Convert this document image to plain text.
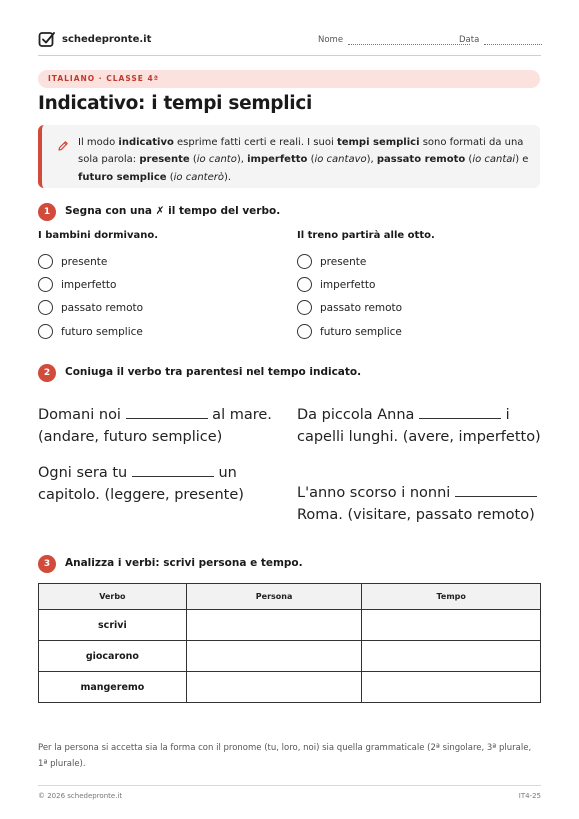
schedepronte.it	Nome	Data
ITALIANO · CLASSE 4ª
Indicativo: i tempi semplici
Il modo indicativo esprime fatti certi e reali. I suoi tempi semplici sono formati da una sola parola: presente (io canto), imperfetto (io cantavo), passato remoto (io cantai) e futuro semplice (io canterò).
1	Segna con una ✗ il tempo del verbo.
I bambini dormivano.
presente
imperfetto
passato remoto
futuro semplice
Il treno partirà alle otto.
presente
imperfetto
passato remoto
futuro semplice
2	Coniuga il verbo tra parentesi nel tempo indicato.
Domani noi	al mare. (andare, futuro semplice)
Da piccola Anna	i capelli lunghi. (avere, imperfetto)
Ogni sera tu	un capitolo. (leggere, presente)	L'anno scorso i nonni  Roma. (visitare, passato remoto)
3	Analizza i verbi: scrivi persona e tempo.
Verbo	Persona	Tempo
scrivi		
giocarono		
mangeremo		
Per la persona si accetta sia la forma con il pronome (tu, loro, noi) sia quella grammaticale (2ª singolare, 3ª plurale, 1ª plurale).
© 2026 schedepronte.it	IT4-25
